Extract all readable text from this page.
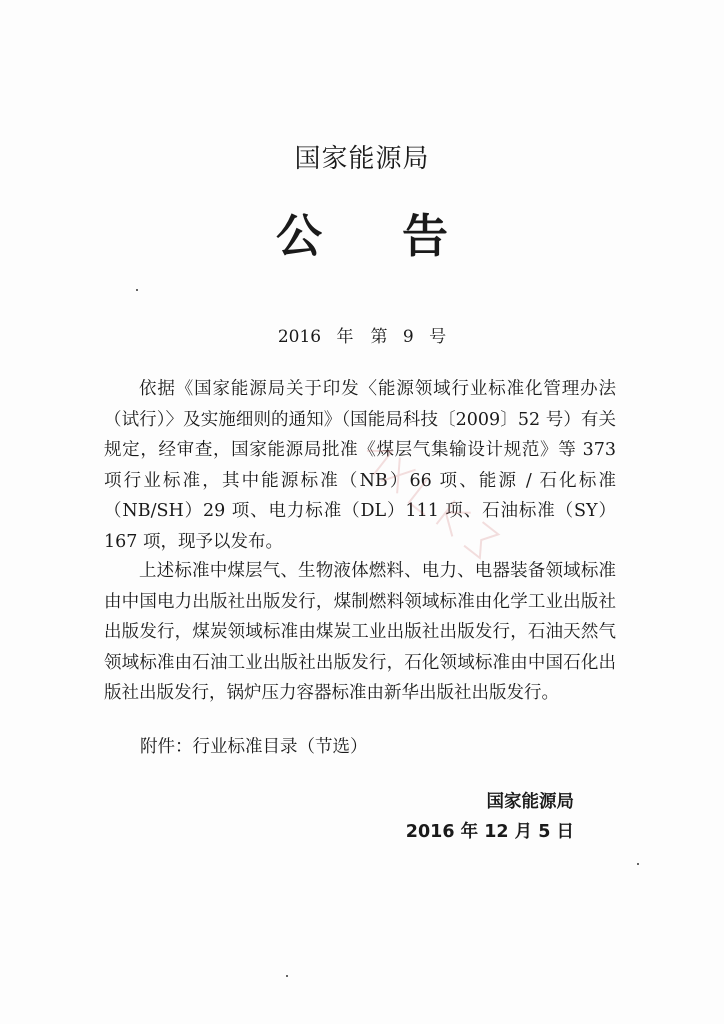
国家能源局
公告
2016 年　第 9 号

依据《国家能源局关于印发〈能源领域行业标准化管理办法（试行）〉及实施细则的通知》（国能局科技〔2009〕52 号）有关规定，经审查，国家能源局批准《煤层气集输设计规范》等 373 项行业标准，其中能源标准（NB）66 项、能源 / 石化标准（NB/SH）29 项、电力标准（DL）111 项、石油标准（SY）167 项，现予以发布。

上述标准中煤层气、生物液体燃料、电力、电器装备领域标准由中国电力出版社出版发行，煤制燃料领域标准由化学工业出版社出版发行，煤炭领域标准由煤炭工业出版社出版发行，石油天然气领域标准由石油工业出版社出版发行，石化领域标准由中国石化出版社出版发行，锅炉压力容器标准由新华出版社出版发行。

附件：行业标准目录（节选）
国家能源局
2016 年 12 月 5 日
